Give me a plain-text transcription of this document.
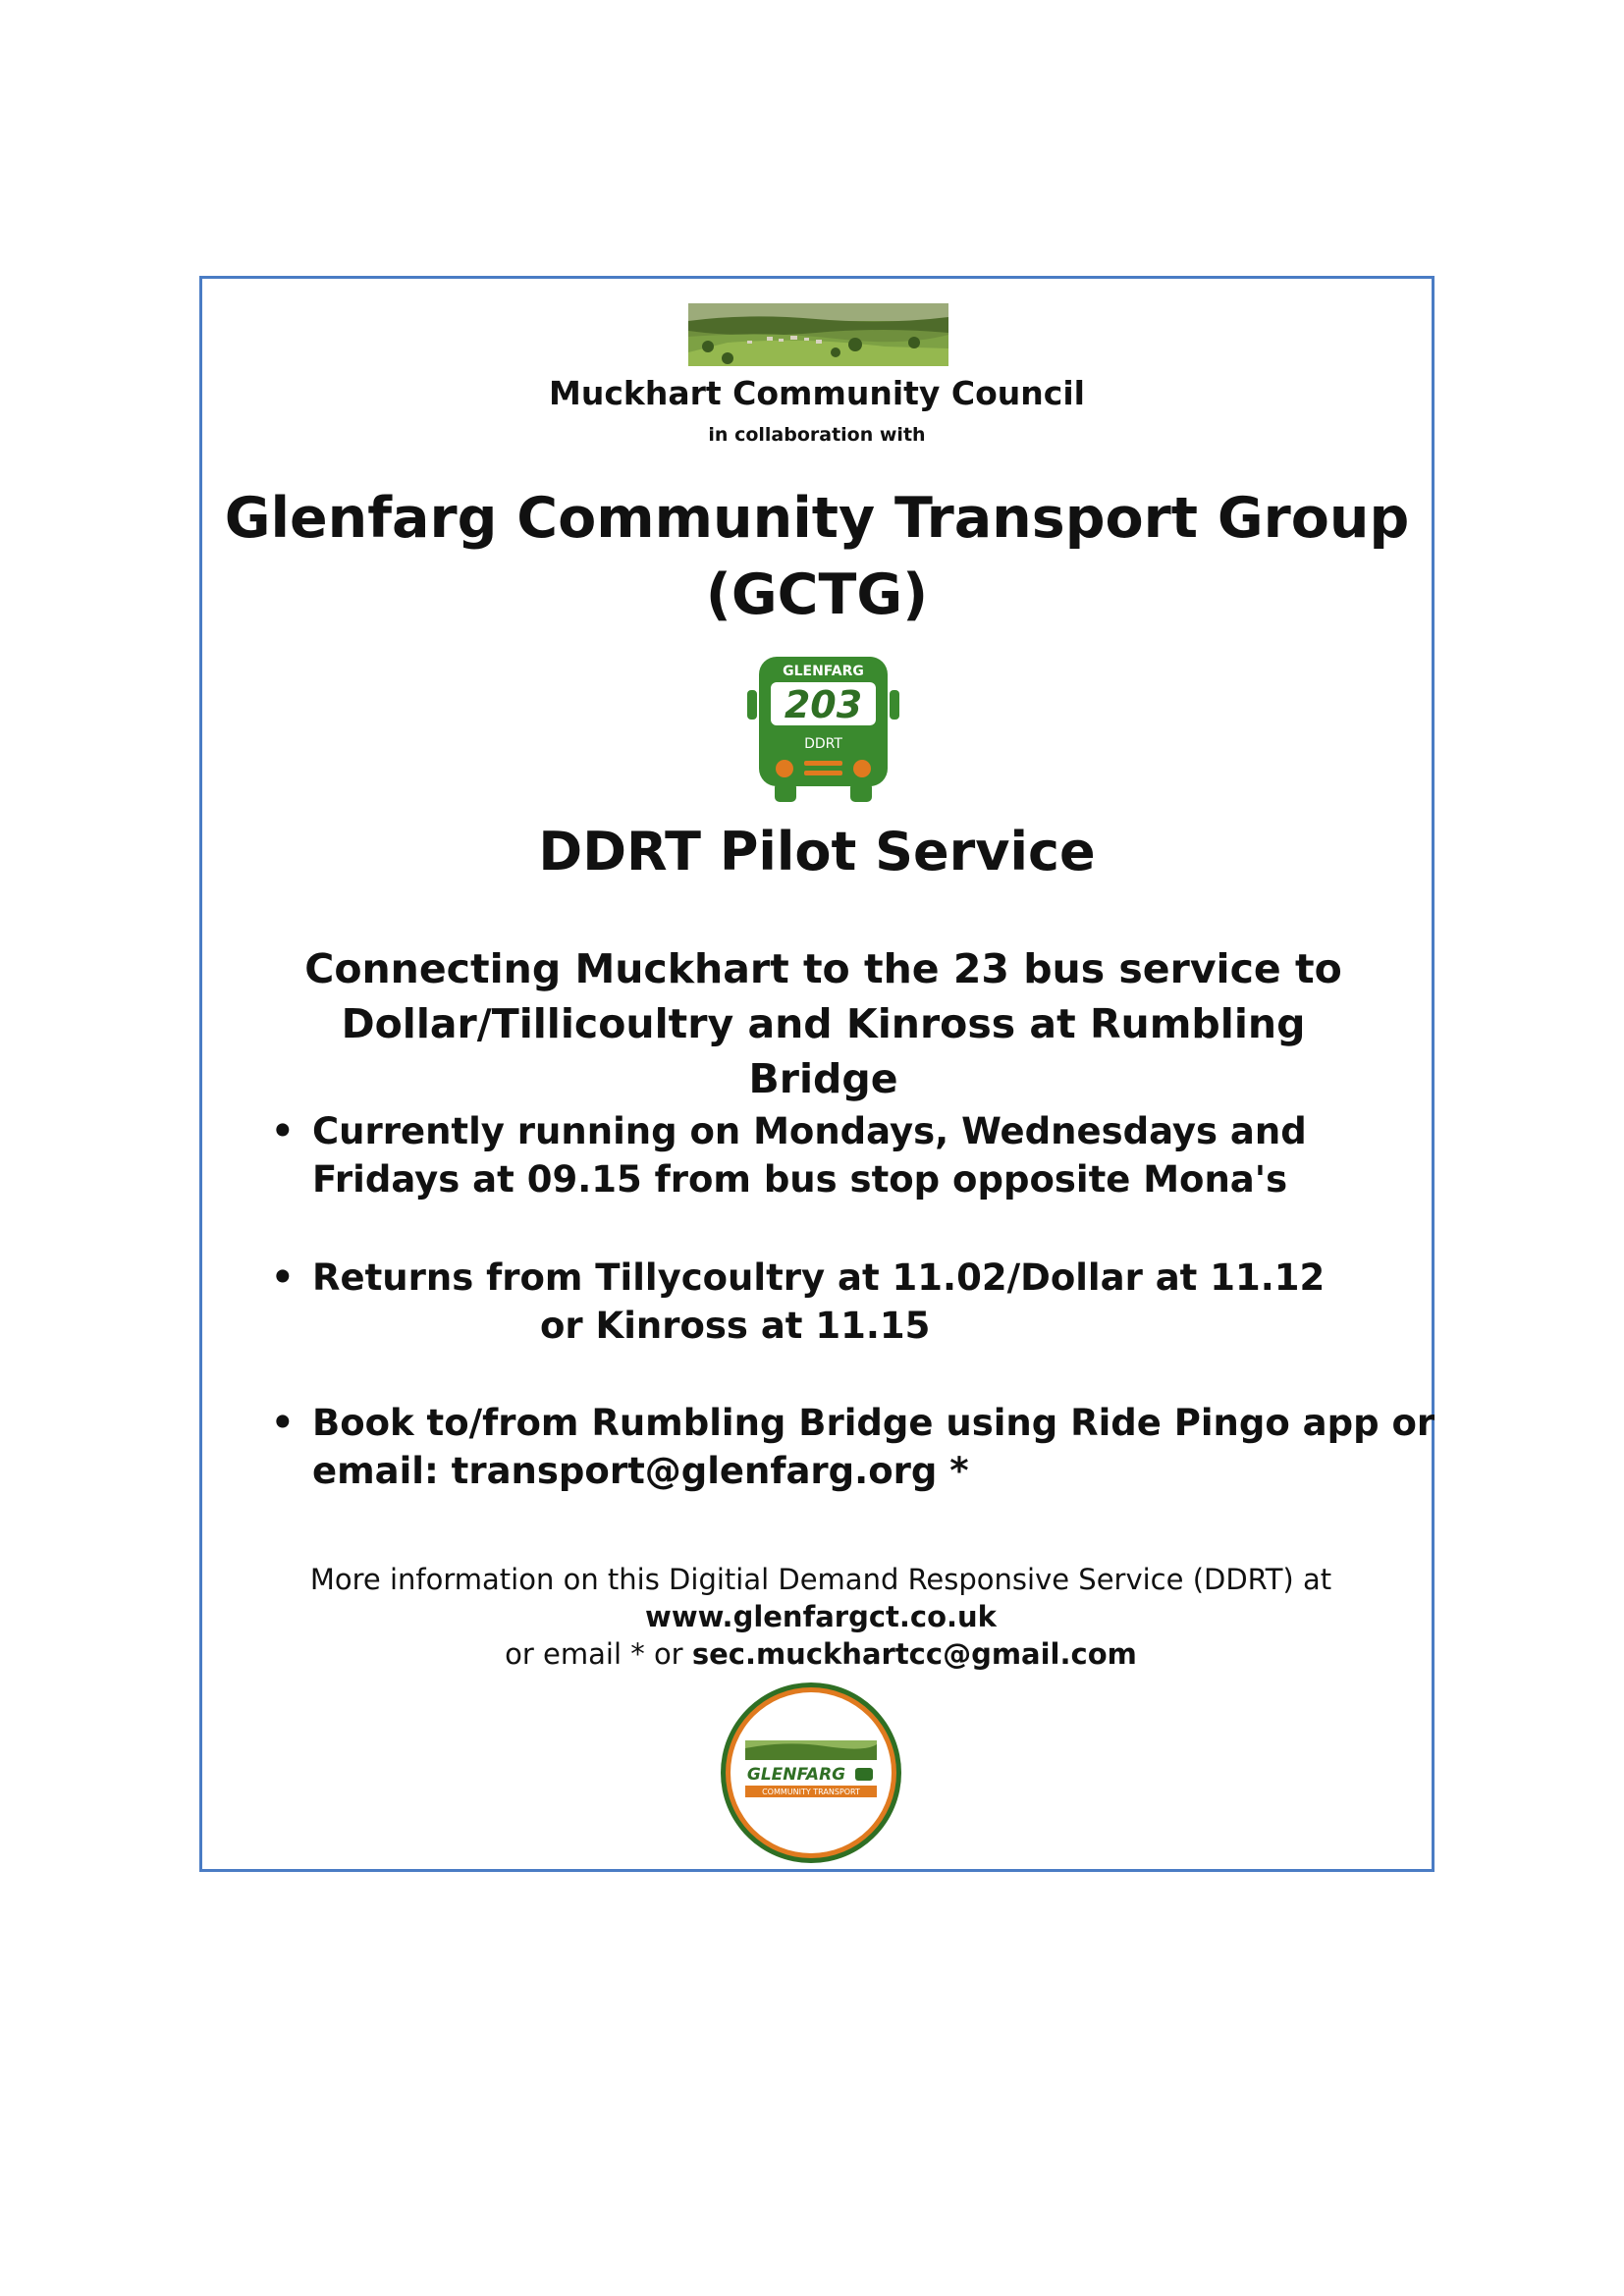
Muckhart Community Council
in collaboration with
Glenfarg Community Transport Group
(GCTG)
GLENFARG
203
DDRT
DDRT Pilot Service
Connecting Muckhart to the 23 bus service to
Dollar/Tillicoultry and Kinross at Rumbling
Bridge
• Currently running on Mondays, Wednesdays and
Fridays at 09.15 from bus stop opposite Mona's
• Returns from Tillycoultry at 11.02/Dollar at 11.12
or Kinross at 11.15
• Book to/from Rumbling Bridge using Ride Pingo app or
email: transport@glenfarg.org *
More information on this Digitial Demand Responsive Service (DDRT) at
www.glenfargct.co.uk
or email * or sec.muckhartcc@gmail.com
GLENFARG
COMMUNITY TRANSPORT
